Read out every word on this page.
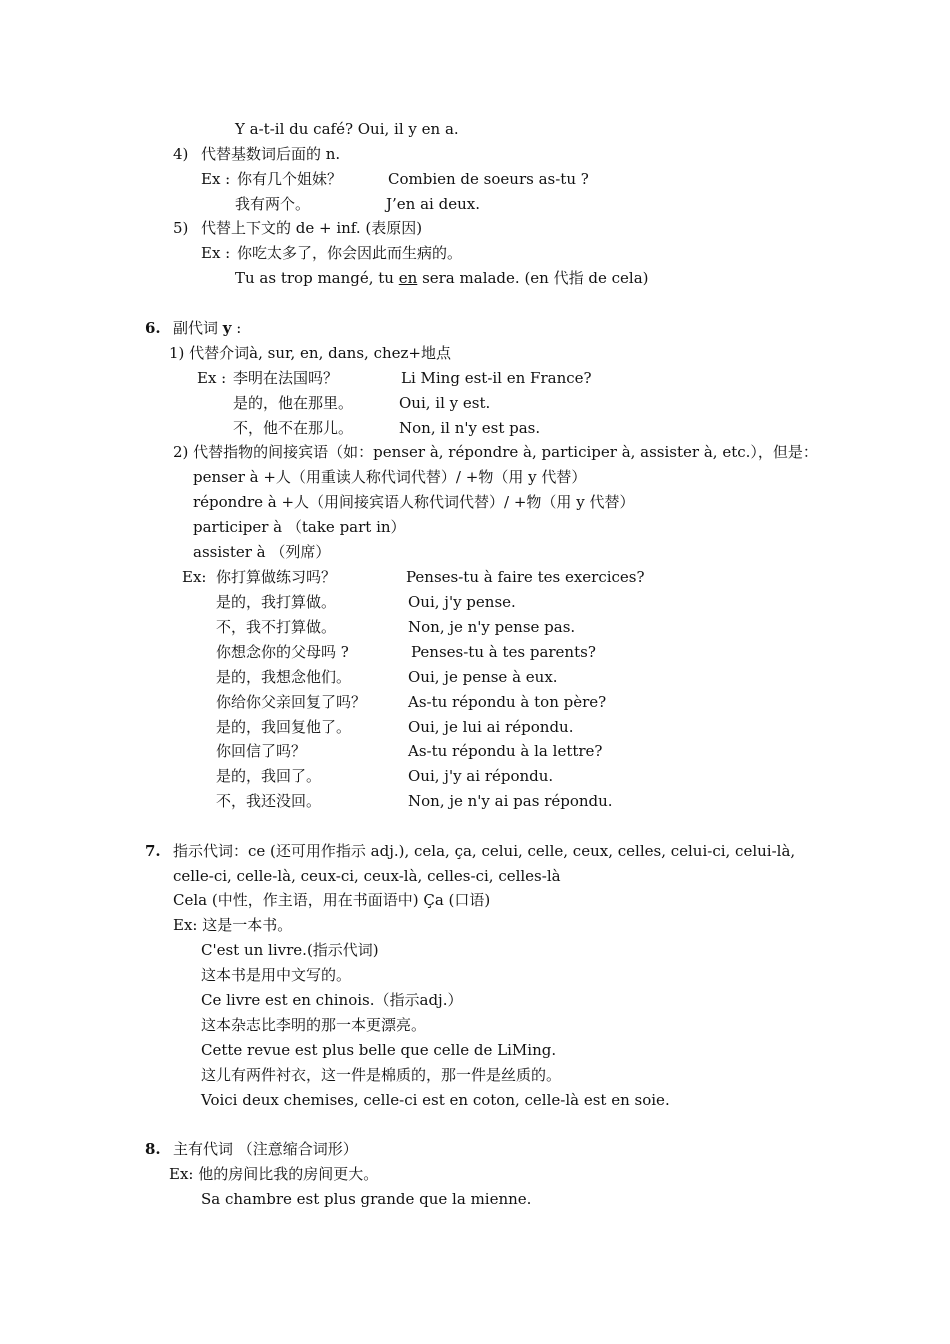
Y a-t-il du café? Oui, il y en a.
4) 代替基数词后面的 n.
Ex : 你有几个姐妹？	Combien de soeurs as-tu ?
我有两个。	J’en ai deux.
5) 代替上下文的 de + inf. (表原因)
Ex : 你吃太多了，你会因此而生病的。
Tu as trop mangé, tu en sera malade. (en 代指 de cela)
6. 副代词 y :
1) 代替介词à, sur, en, dans, chez+地点
Ex : 李明在法国吗？	Li Ming est-il en France?
是的，他在那里。	Oui, il y est.
不，他不在那儿。	Non, il n'y est pas.
2) 代替指物的间接宾语（如：penser à, répondre à, participer à, assister à, etc.），但是：
penser à +人（用重读人称代词代替）/ +物（用 y 代替）
répondre à +人（用间接宾语人称代词代替）/ +物（用 y 代替）
participer à （take part in）
assister à （列席）
Ex: 你打算做练习吗？	Penses-tu à faire tes exercices?
是的，我打算做。	Oui, j'y pense.
不，我不打算做。	Non, je n'y pense pas.
你想念你的父母吗 ?	Penses-tu à tes parents?
是的，我想念他们。	Oui, je pense à eux.
你给你父亲回复了吗？	As-tu répondu à ton père?
是的，我回复他了。	Oui, je lui ai répondu.
你回信了吗？	As-tu répondu à la lettre?
是的，我回了。	Oui, j'y ai répondu.
不，我还没回。	Non, je n'y ai pas répondu.
7. 指示代词：ce (还可用作指示 adj.), cela, ça, celui, celle, ceux, celles, celui-ci, celui-là,
celle-ci, celle-là, ceux-ci, ceux-là, celles-ci, celles-là
Cela (中性，作主语，用在书面语中) Ça (口语)
Ex: 这是一本书。
C'est un livre.(指示代词)
这本书是用中文写的。
Ce livre est en chinois.（指示adj.）
这本杂志比李明的那一本更漂亮。
Cette revue est plus belle que celle de LiMing.
这儿有两件衬衣，这一件是棉质的，那一件是丝质的。
Voici deux chemises, celle-ci est en coton, celle-là est en soie.
8. 主有代词 （注意缩合词形）
Ex: 他的房间比我的房间更大。
Sa chambre est plus grande que la mienne.
